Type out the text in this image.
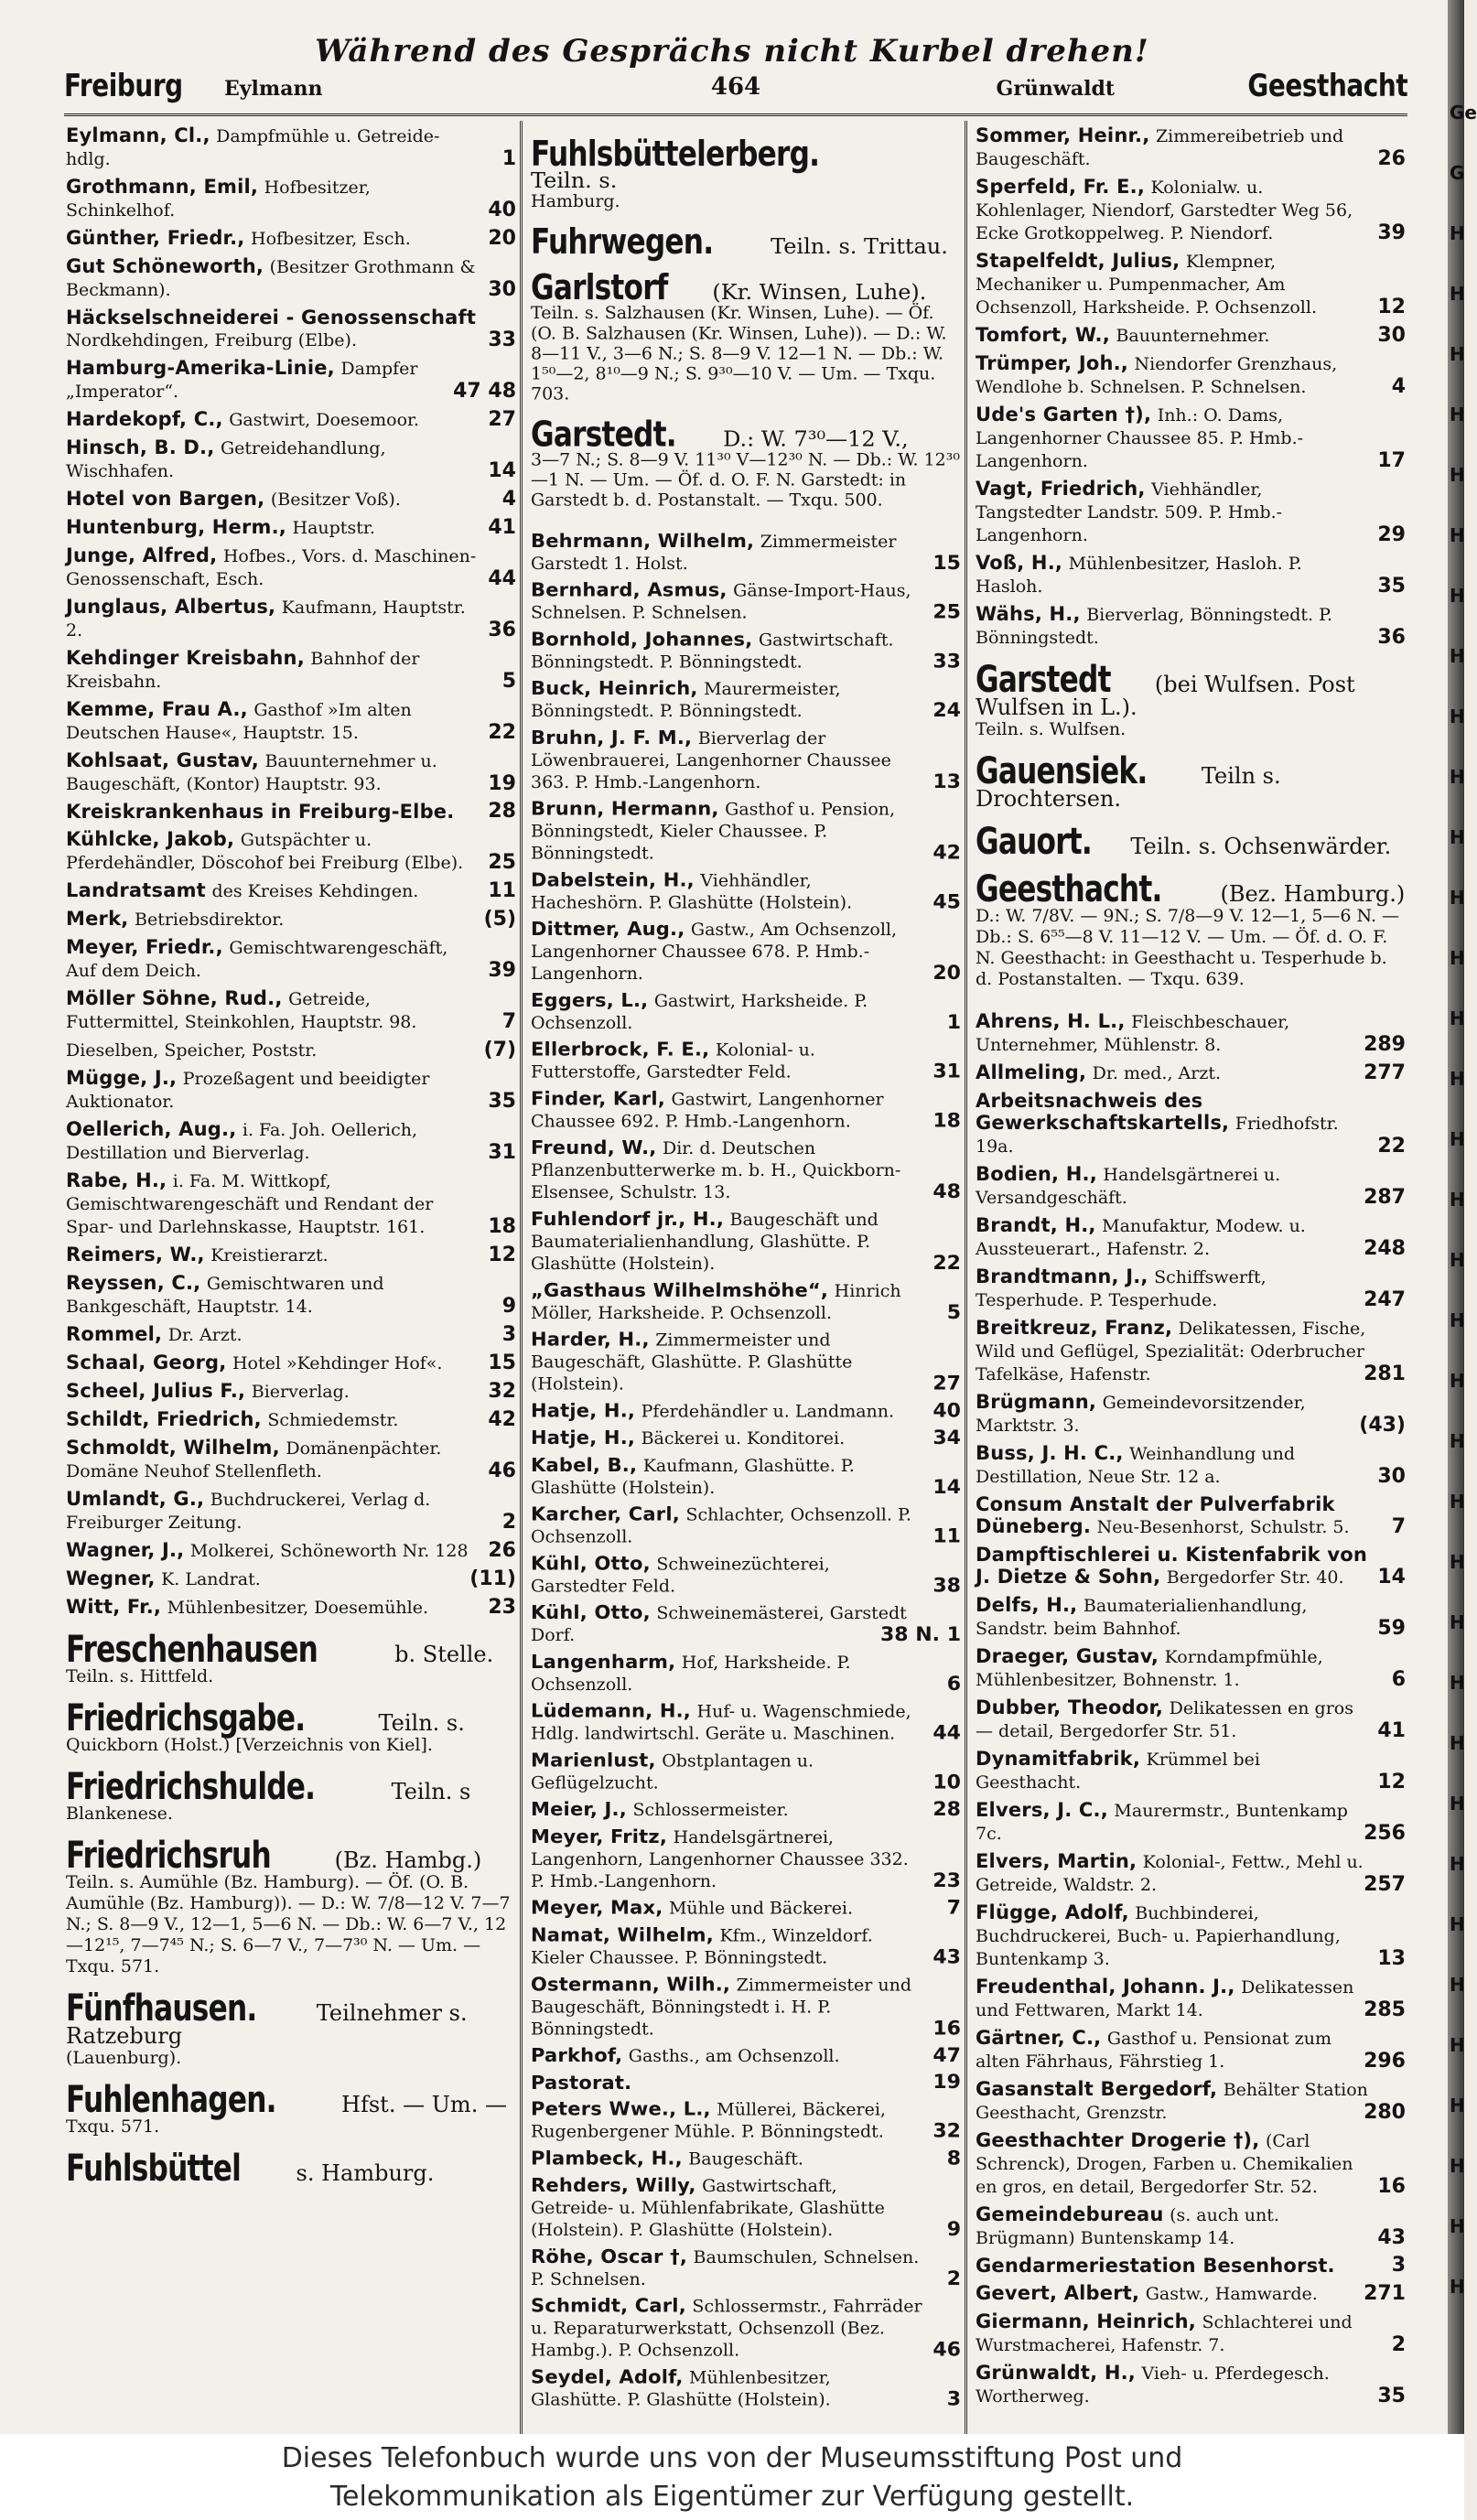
Ge
G
H
H
H
H
H
H
H
H
H
H
H
H
H
H
H
H
H
H
H
H
H
H
H
H
H
H
H
H
H
H
H
H
H
H
H
Während des Gesprächs nicht Kurbel drehen!
Freiburg Eylmann	464	Grünwaldt	Geesthacht
Eylmann, Cl., Dampfmühle u. Getreide-hdlg.	1
Grothmann, Emil, Hofbesitzer, Schinkelhof.	40
Günther, Friedr., Hofbesitzer, Esch.	20
Gut Schöneworth, (Besitzer Grothmann & Beckmann).	30
Häckselschneiderei - Genossenschaft Nordkehdingen, Freiburg (Elbe).	33
Hamburg-Amerika-Linie, Dampfer „Imperator“.	47 48
Hardekopf, C., Gastwirt, Doesemoor.	27
Hinsch, B. D., Getreidehandlung, Wischhafen.	14
Hotel von Bargen, (Besitzer Voß).	4
Huntenburg, Herm., Hauptstr.	41
Junge, Alfred, Hofbes., Vors. d. Maschinen-Genossenschaft, Esch.	44
Junglaus, Albertus, Kaufmann, Hauptstr. 2.	36
Kehdinger Kreisbahn, Bahnhof der Kreisbahn.	5
Kemme, Frau A., Gasthof »Im alten Deutschen Hause«, Hauptstr. 15.	22
Kohlsaat, Gustav, Bauunternehmer u. Baugeschäft, (Kontor) Hauptstr. 93.	19
Kreiskrankenhaus in Freiburg-Elbe. 28
Kühlcke, Jakob, Gutspächter u. Pferdehändler, Döscohof bei Freiburg (Elbe). 25
Landratsamt des Kreises Kehdingen.	11
Merk, Betriebsdirektor.	(5)
Meyer, Friedr., Gemischtwarengeschäft, Auf dem Deich.	39
Möller Söhne, Rud., Getreide, Futtermittel, Steinkohlen, Hauptstr. 98.	7
Dieselben, Speicher, Poststr.	(7)
Mügge, J., Prozeßagent und beeidigter Auktionator.	35
Oellerich, Aug., i. Fa. Joh. Oellerich, Destillation und Bierverlag.	31
Rabe, H., i. Fa. M. Wittkopf, Gemischtwarengeschäft und Rendant der Spar- und Darlehnskasse, Hauptstr. 161.	18
Reimers, W., Kreistierarzt.	12
Reyssen, C., Gemischtwaren und Bankgeschäft, Hauptstr. 14.	9
Rommel, Dr. Arzt.	3
Schaal, Georg, Hotel »Kehdinger Hof«. 15
Scheel, Julius F., Bierverlag.	32
Schildt, Friedrich, Schmiedemstr.	42
Schmoldt, Wilhelm, Domänenpächter. Domäne Neuhof Stellenfleth.	46
Umlandt, G., Buchdruckerei, Verlag d. Freiburger Zeitung.	2
Wagner, J., Molkerei, Schöneworth Nr. 128 26
Wegner, K. Landrat.	(11)
Witt, Fr., Mühlenbesitzer, Doesemühle.	23
Freschenhausen	b. Stelle.
Teiln. s. Hittfeld.
Friedrichsgabe.	Teiln. s.
Quickborn (Holst.) [Verzeichnis von Kiel].
Friedrichshulde.	Teiln. s
Blankenese.
Friedrichsruh	(Bz. Hambg.)
Teiln. s. Aumühle (Bz. Hamburg). — Öf. (O. B. Aumühle (Bz. Hamburg)). — D.: W. 7/8—12 V. 7—7 N.; S. 8—9 V., 12—1, 5—6 N. — Db.: W. 6—7 V., 12—12¹⁵, 7—7⁴⁵ N.; S. 6—7 V., 7—7³⁰ N. — Um. — Txqu. 571.
Fünfhausen.	Teilnehmer s. Ratzeburg
(Lauenburg).
Fuhlenhagen.	Hfst. — Um. —
Txqu. 571.
Fuhlsbüttel	s. Hamburg.
Fuhlsbüttelerberg. Teiln. s.
Hamburg.
Fuhrwegen.	Teiln. s. Trittau.
Garlstorf (Kr. Winsen, Luhe).
Teiln. s. Salzhausen (Kr. Winsen, Luhe). — Öf. (O. B. Salzhausen (Kr. Winsen, Luhe)). — D.: W. 8—11 V., 3—6 N.; S. 8—9 V. 12—1 N. — Db.: W. 1⁵⁰—2, 8¹⁰—9 N.; S. 9³⁰—10 V. — Um. — Txqu. 703.
Garstedt. D.: W. 7³⁰—12 V.,
3—7 N.; S. 8—9 V. 11³⁰ V—12³⁰ N. — Db.: W. 12³⁰—1 N. — Um. — Öf. d. O. F. N. Garstedt: in Garstedt b. d. Postanstalt. — Txqu. 500.
Behrmann, Wilhelm, Zimmermeister Garstedt 1. Holst.	15
Bernhard, Asmus, Gänse-Import-Haus, Schnelsen. P. Schnelsen.	25
Bornhold, Johannes, Gastwirtschaft. Bönningstedt. P. Bönningstedt.	33
Buck, Heinrich, Maurermeister, Bönningstedt. P. Bönningstedt.	24
Bruhn, J. F. M., Bierverlag der Löwenbrauerei, Langenhorner Chaussee 363. P. Hmb.-Langenhorn.	13
Brunn, Hermann, Gasthof u. Pension, Bönningstedt, Kieler Chaussee. P. Bönningstedt.	42
Dabelstein, H., Viehhändler, Hacheshörn. P. Glashütte (Holstein).	45
Dittmer, Aug., Gastw., Am Ochsenzoll, Langenhorner Chaussee 678. P. Hmb.-Langenhorn.	20
Eggers, L., Gastwirt, Harksheide. P. Ochsenzoll.	1
Ellerbrock, F. E., Kolonial- u. Futterstoffe, Garstedter Feld.	31
Finder, Karl, Gastwirt, Langenhorner Chaussee 692. P. Hmb.-Langenhorn.	18
Freund, W., Dir. d. Deutschen Pflanzenbutterwerke m. b. H., Quickborn-Elsensee, Schulstr. 13.	48
Fuhlendorf jr., H., Baugeschäft und Baumaterialienhandlung, Glashütte. P. Glashütte (Holstein).	22
„Gasthaus Wilhelmshöhe“, Hinrich Möller, Harksheide. P. Ochsenzoll.	5
Harder, H., Zimmermeister und Baugeschäft, Glashütte. P. Glashütte (Holstein).	27
Hatje, H., Pferdehändler u. Landmann. 40
Hatje, H., Bäckerei u. Konditorei.	34
Kabel, B., Kaufmann, Glashütte. P. Glashütte (Holstein).	14
Karcher, Carl, Schlachter, Ochsenzoll. P. Ochsenzoll.	11
Kühl, Otto, Schweinezüchterei, Garstedter Feld.	38
Kühl, Otto, Schweinemästerei, Garstedt Dorf.	38 N. 1
Langenharm, Hof, Harksheide. P. Ochsenzoll.	6
Lüdemann, H., Huf- u. Wagenschmiede, Hdlg. landwirtschl. Geräte u. Maschinen. 44
Marienlust, Obstplantagen u. Geflügelzucht.	10
Meier, J., Schlossermeister.	28
Meyer, Fritz, Handelsgärtnerei, Langenhorn, Langenhorner Chaussee 332. P. Hmb.-Langenhorn.	23
Meyer, Max, Mühle und Bäckerei.	7
Namat, Wilhelm, Kfm., Winzeldorf. Kieler Chaussee. P. Bönningstedt.	43
Ostermann, Wilh., Zimmermeister und Baugeschäft, Bönningstedt i. H. P. Bönningstedt.	16
Parkhof, Gasths., am Ochsenzoll.	47
Pastorat.	19
Peters Wwe., L., Müllerei, Bäckerei, Rugenbergener Mühle. P. Bönningstedt. 32
Plambeck, H., Baugeschäft.	8
Rehders, Willy, Gastwirtschaft, Getreide- u. Mühlenfabrikate, Glashütte (Holstein). P. Glashütte (Holstein).	9
Röhe, Oscar †, Baumschulen, Schnelsen. P. Schnelsen.	2
Schmidt, Carl, Schlossermstr., Fahrräder u. Reparaturwerkstatt, Ochsenzoll (Bez. Hambg.). P. Ochsenzoll.	46
Seydel, Adolf, Mühlenbesitzer, Glashütte. P. Glashütte (Holstein).	3
Sommer, Heinr., Zimmereibetrieb und Baugeschäft.	26
Sperfeld, Fr. E., Kolonialw. u. Kohlenlager, Niendorf, Garstedter Weg 56, Ecke Grotkoppelweg. P. Niendorf.	39
Stapelfeldt, Julius, Klempner, Mechaniker u. Pumpenmacher, Am Ochsenzoll, Harksheide. P. Ochsenzoll.	12
Tomfort, W., Bauunternehmer.	30
Trümper, Joh., Niendorfer Grenzhaus, Wendlohe b. Schnelsen. P. Schnelsen.	4
Ude's Garten †), Inh.: O. Dams, Langenhorner Chaussee 85. P. Hmb.-Langenhorn.	17
Vagt, Friedrich, Viehhändler, Tangstedter Landstr. 509. P. Hmb.-Langenhorn.	29
Voß, H., Mühlenbesitzer, Hasloh. P. Hasloh.	35
Wähs, H., Bierverlag, Bönningstedt. P. Bönningstedt.	36
Garstedt (bei Wulfsen. Post Wulfsen in L.).
Teiln. s. Wulfsen.
Gauensiek. Teiln s. Drochtersen.
Gauort. Teiln. s. Ochsenwärder.
Geesthacht.	(Bez. Hamburg.)
D.: W. 7/8V. — 9N.; S. 7/8—9 V. 12—1, 5—6 N. — Db.: S. 6⁵⁵—8 V. 11—12 V. — Um. — Öf. d. O. F. N. Geesthacht: in Geesthacht u. Tesperhude b. d. Postanstalten. — Txqu. 639.
Ahrens, H. L., Fleischbeschauer, Unternehmer, Mühlenstr. 8.	289
Allmeling, Dr. med., Arzt.	277
Arbeitsnachweis des Gewerkschaftskartells, Friedhofstr. 19a.	22
Bodien, H., Handelsgärtnerei u. Versandgeschäft.	287
Brandt, H., Manufaktur, Modew. u. Aussteuerart., Hafenstr. 2.	248
Brandtmann, J., Schiffswerft, Tesperhude. P. Tesperhude.	247
Breitkreuz, Franz, Delikatessen, Fische, Wild und Geflügel, Spezialität: Oderbrucher Tafelkäse, Hafenstr.	281
Brügmann, Gemeindevorsitzender, Marktstr. 3.	(43)
Buss, J. H. C., Weinhandlung und Destillation, Neue Str. 12 a.	30
Consum Anstalt der Pulverfabrik Düneberg. Neu-Besenhorst, Schulstr. 5. 7
Dampftischlerei u. Kistenfabrik von J. Dietze & Sohn, Bergedorfer Str. 40. 14
Delfs, H., Baumaterialienhandlung, Sandstr. beim Bahnhof.	59
Draeger, Gustav, Korndampfmühle, Mühlenbesitzer, Bohnenstr. 1.	6
Dubber, Theodor, Delikatessen en gros — detail, Bergedorfer Str. 51.	41
Dynamitfabrik, Krümmel bei Geesthacht.	12
Elvers, J. C., Maurermstr., Buntenkamp 7c.	256
Elvers, Martin, Kolonial-, Fettw., Mehl u. Getreide, Waldstr. 2.	257
Flügge, Adolf, Buchbinderei, Buchdruckerei, Buch- u. Papierhandlung, Buntenkamp 3.	13
Freudenthal, Johann. J., Delikatessen und Fettwaren, Markt 14.	285
Gärtner, C., Gasthof u. Pensionat zum alten Fährhaus, Fährstieg 1.	296
Gasanstalt Bergedorf, Behälter Station Geesthacht, Grenzstr.	280
Geesthachter Drogerie †), (Carl Schrenck), Drogen, Farben u. Chemikalien en gros, en detail, Bergedorfer Str. 52.	16
Gemeindebureau (s. auch unt. Brügmann) Buntenskamp 14.	43
Gendarmeriestation Besenhorst.	3
Gevert, Albert, Gastw., Hamwarde. 271
Giermann, Heinrich, Schlachterei und Wurstmacherei, Hafenstr. 7.	2
Grünwaldt, H., Vieh- u. Pferdegesch. Wortherweg.	35
Dieses Telefonbuch wurde uns von der Museumsstiftung Post und
Telekommunikation als Eigentümer zur Verfügung gestellt.
